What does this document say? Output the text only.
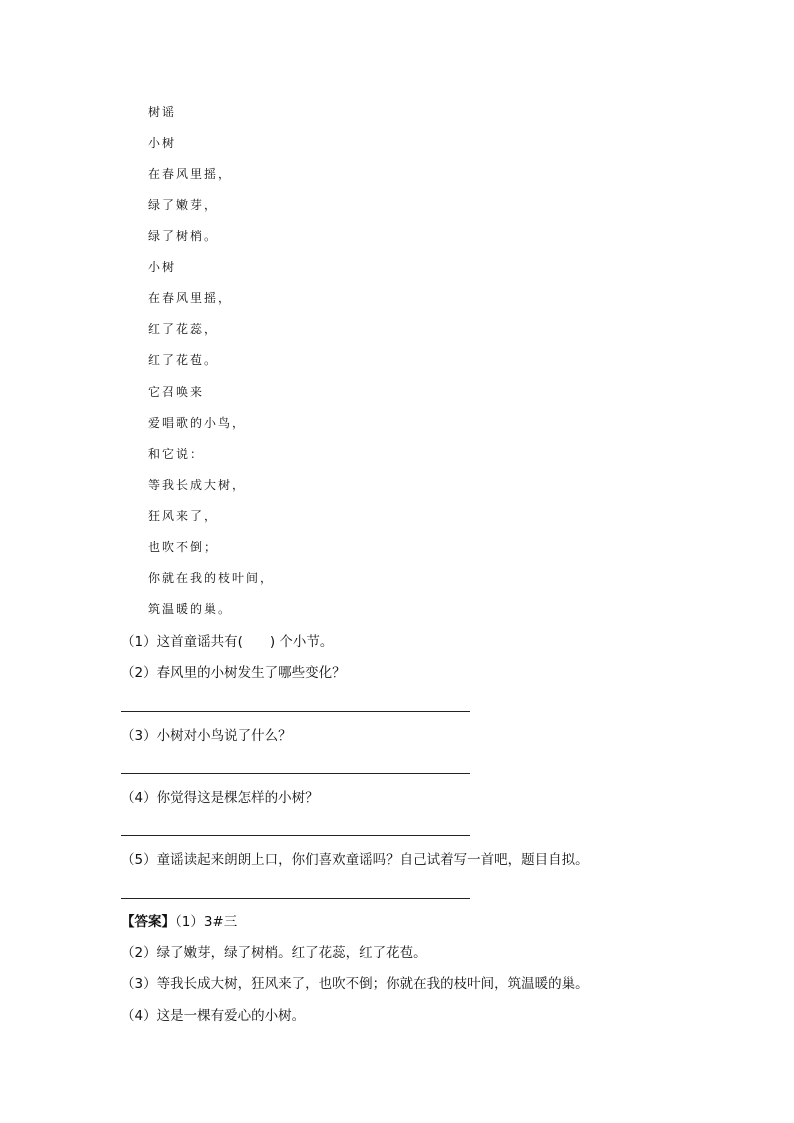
树谣
小树
在春风里摇，
绿了嫩芽，
绿了树梢。
小树
在春风里摇，
红了花蕊，
红了花苞。
它召唤来
爱唱歌的小鸟，
和它说：
等我长成大树，
狂风来了，
也吹不倒；
你就在我的枝叶间，
筑温暖的巢。
（1）这首童谣共有(　　) 个小节。
（2）春风里的小树发生了哪些变化？
（3）小树对小鸟说了什么？
（4）你觉得这是棵怎样的小树？
（5）童谣读起来朗朗上口，你们喜欢童谣吗？自己试着写一首吧，题目自拟。
【答案】（1）3#三
（2）绿了嫩芽，绿了树梢。红了花蕊，红了花苞。
（3）等我长成大树，狂风来了，也吹不倒；你就在我的枝叶间，筑温暖的巢。
（4）这是一棵有爱心的小树。
